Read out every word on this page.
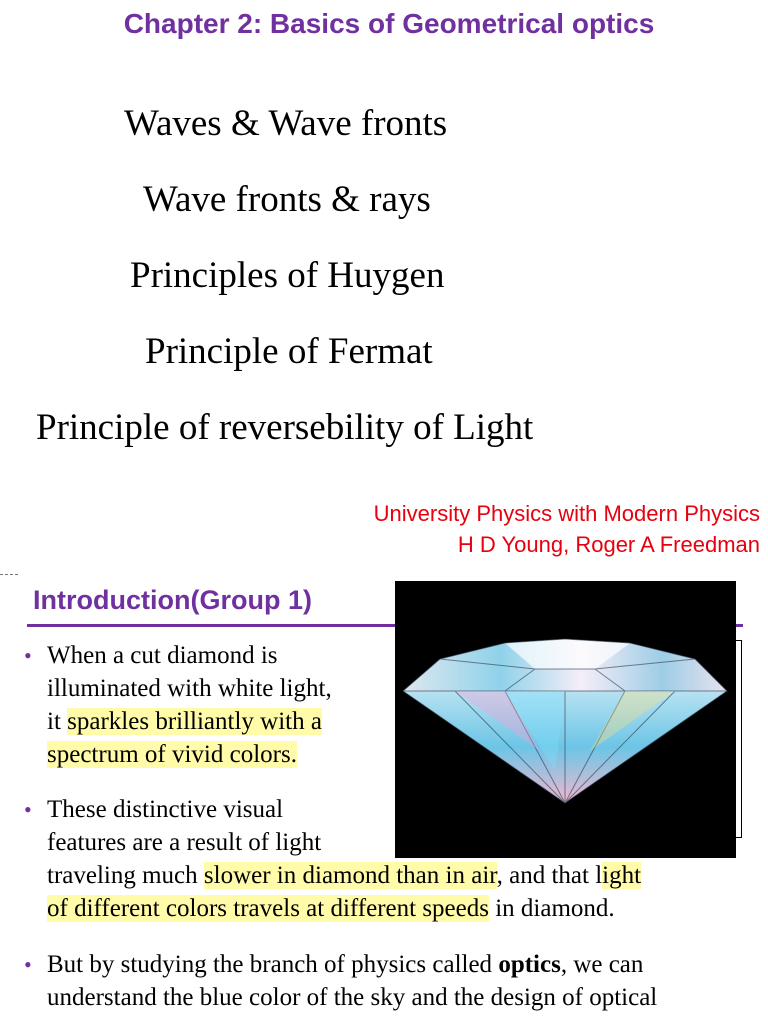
Chapter 2: Basics of Geometrical optics
Waves & Wave fronts
Wave fronts & rays
Principles of Huygen
Principle of Fermat
Principle of reversebility of Light
University Physics with Modern Physics
H D Young, Roger A Freedman
Introduction(Group 1)
• When a cut diamond is
illuminated with white light,
it sparkles brilliantly with a
spectrum of vivid colors.
• These distinctive visual
features are a result of light
traveling much slower in diamond than in air, and that light
of different colors travels at different speeds in diamond.
• But by studying the branch of physics called optics, we can
understand the blue color of the sky and the design of optical
